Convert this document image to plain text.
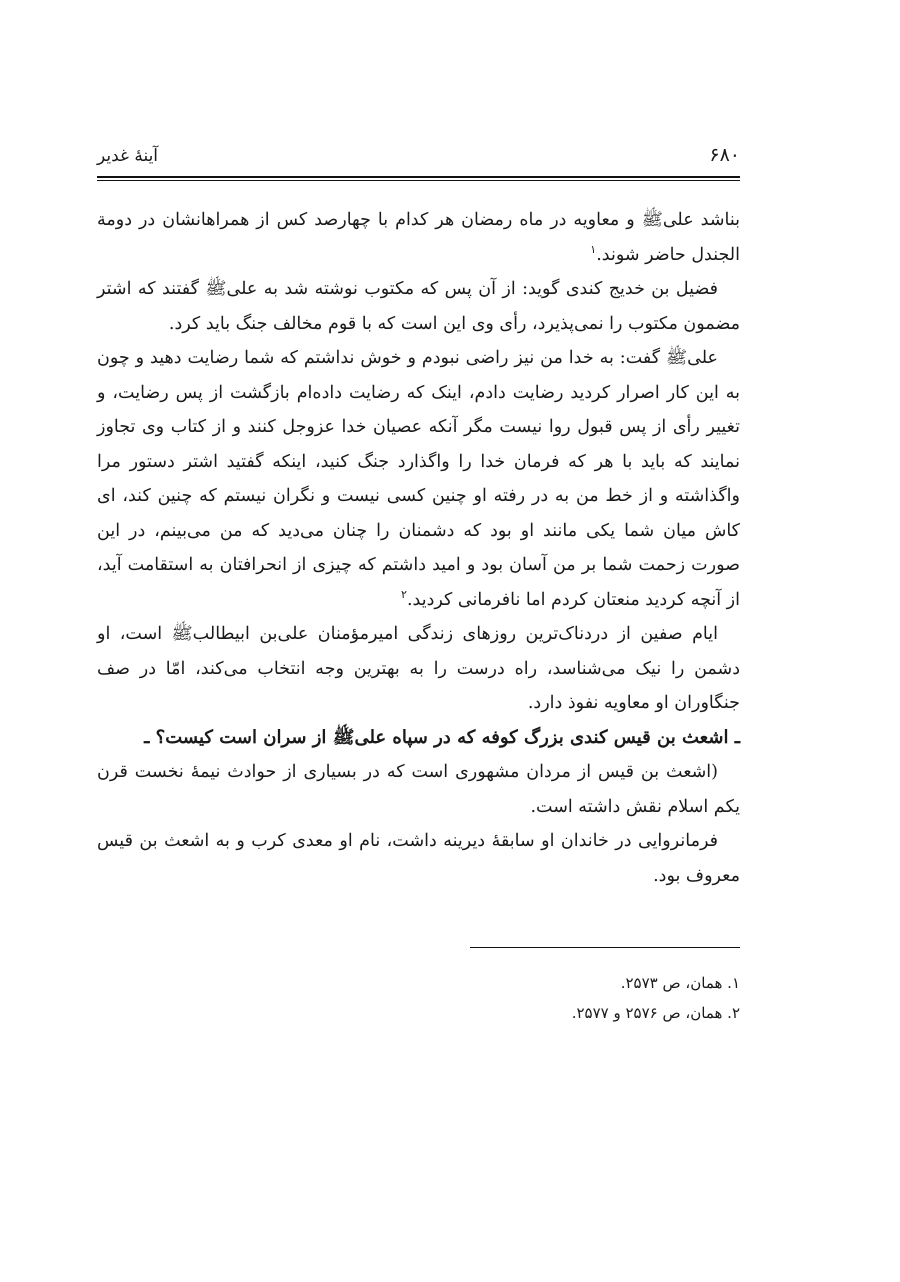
۶۸۰
آینهٔ غدیر

بناشد علی‌ﷺ و معاویه در ماه رمضان هر کدام با چهارصد کس از همراهانشان در دومة الجندل حاضر شوند.$^۱$

فضیل بن خدیج کندی گوید: از آن پس که مکتوب نوشته شد به علی‌ﷺ گفتند که اشتر مضمون مکتوب را نمی‌پذیرد، رأی وی این است که با قوم مخالف جنگ باید کرد.

علی‌ﷺ گفت: به خدا من نیز راضی نبودم و خوش نداشتم که شما رضایت دهید و چون به این کار اصرار کردید رضایت دادم، اینک که رضایت داده‌ام بازگشت از پس رضایت، و تغییر رأی از پس قبول روا نیست مگر آنکه عصیان خدا عزوجل کنند و از کتاب وی تجاوز نمایند که باید با هر که فرمان خدا را واگذارد جنگ کنید، اینکه گفتید اشتر دستور مرا واگذاشته و از خط من به در رفته او چنین کسی نیست و نگران نیستم که چنین کند، ای کاش میان شما یکی مانند او بود که دشمنان را چنان می‌دید که من می‌بینم، در این صورت زحمت شما بر من آسان بود و امید داشتم که چیزی از انحرافتان به استقامت آید، از آنچه کردید منعتان کردم اما نافرمانی کردید.$^۲$

ایام صفین از دردناک‌ترین روزهای زندگی امیرمؤمنان علی‌بن ابیطالب‌ﷺ است، او دشمن را نیک می‌شناسد، راه درست را به بهترین وجه انتخاب می‌کند، امّا در صف جنگاوران او معاویه نفوذ دارد.

ـ اشعث بن قیس کندی بزرگ کوفه که در سپاه علی‌ﷺ از سران است کیست؟ ـ

(اشعث بن قیس از مردان مشهوری است که در بسیاری از حوادث نیمهٔ نخست قرن یکم اسلام نقش داشته است.

فرمانروایی در خاندان او سابقهٔ دیرینه داشت، نام او معدی کرب و به اشعث بن قیس معروف بود.

۱. همان، ص ۲۵۷۳.
۲. همان، ص ۲۵۷۶ و ۲۵۷۷.
